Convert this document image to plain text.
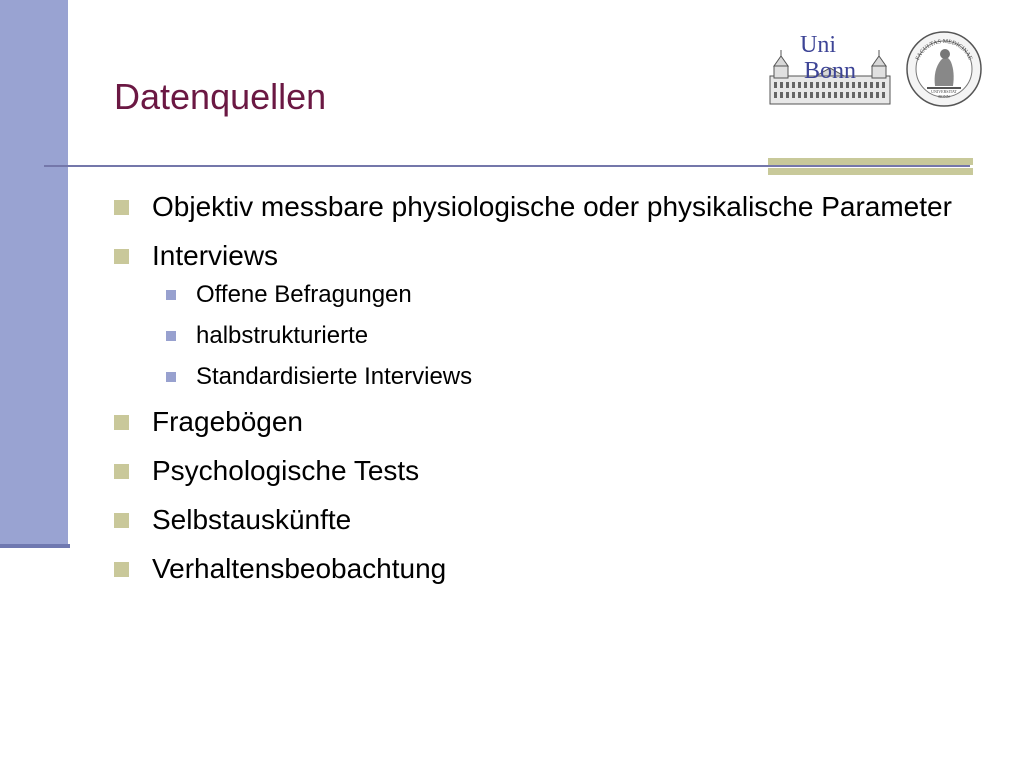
Datenquellen
Uni
Bonn	FACULTAS MEDICINAE
UNIVERSITAT
BONN
Objektiv messbare physiologische oder physikalische Parameter
Interviews
Offene Befragungen
halbstrukturierte
Standardisierte Interviews
Fragebögen
Psychologische Tests
Selbstauskünfte
Verhaltensbeobachtung
